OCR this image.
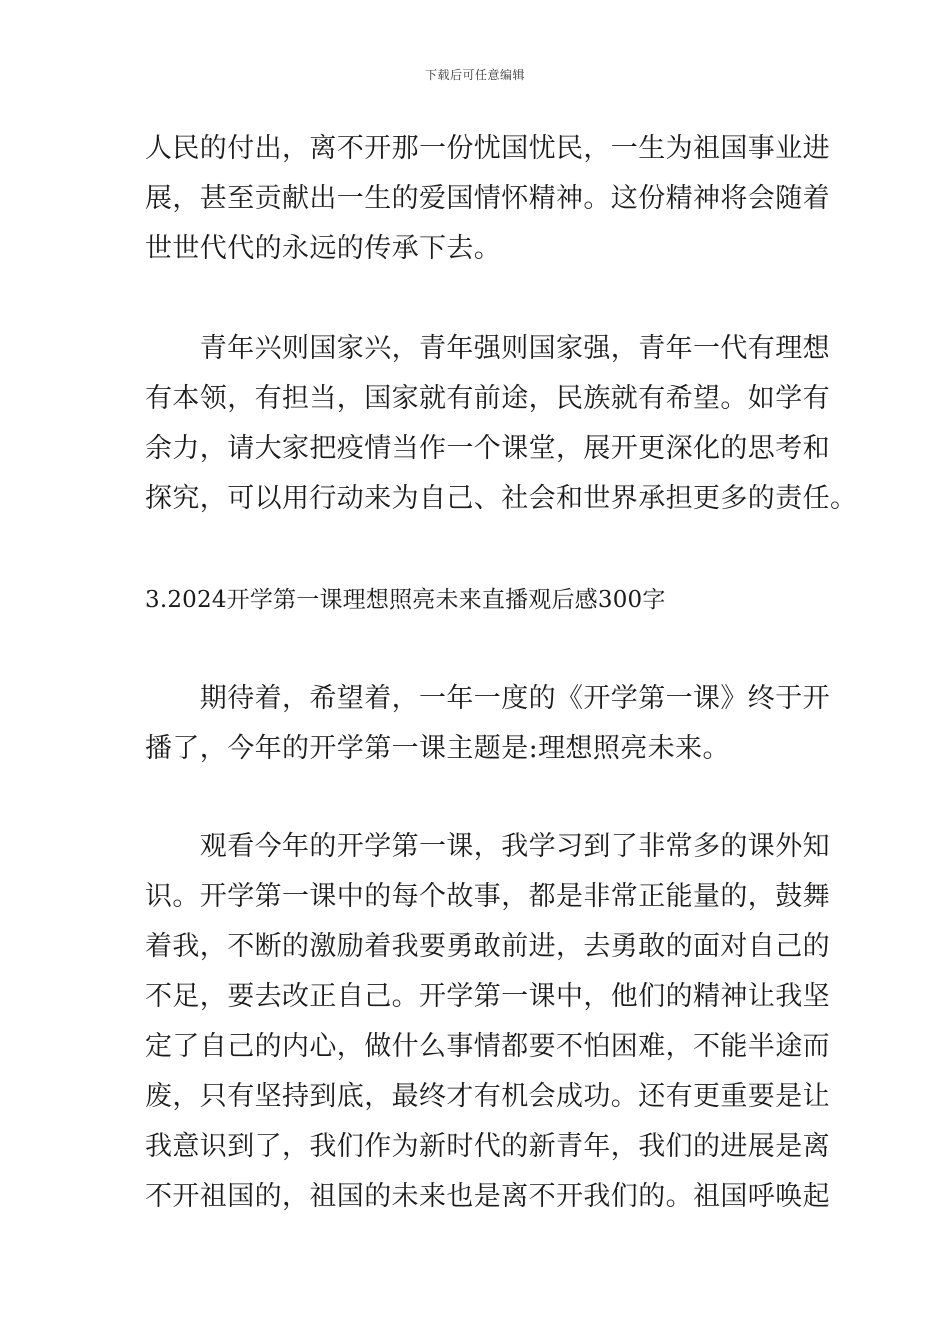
下载后可任意编辑
人民的付出，离不开那一份忧国忧民，一生为祖国事业进
展，甚至贡献出一生的爱国情怀精神。这份精神将会随着
世世代代的永远的传承下去。
　　青年兴则国家兴，青年强则国家强，青年一代有理想
有本领，有担当，国家就有前途，民族就有希望。如学有
余力，请大家把疫情当作一个课堂，展开更深化的思考和
探究，可以用行动来为自己、社会和世界承担更多的责任。
3.2024开学第一课理想照亮未来直播观后感300字
　　期待着，希望着，一年一度的《开学第一课》终于开
播了，今年的开学第一课主题是:理想照亮未来。
　　观看今年的开学第一课，我学习到了非常多的课外知
识。开学第一课中的每个故事，都是非常正能量的，鼓舞
着我，不断的激励着我要勇敢前进，去勇敢的面对自己的
不足，要去改正自己。开学第一课中，他们的精神让我坚
定了自己的内心，做什么事情都要不怕困难，不能半途而
废，只有坚持到底，最终才有机会成功。还有更重要是让
我意识到了，我们作为新时代的新青年，我们的进展是离
不开祖国的，祖国的未来也是离不开我们的。祖国呼唤起
